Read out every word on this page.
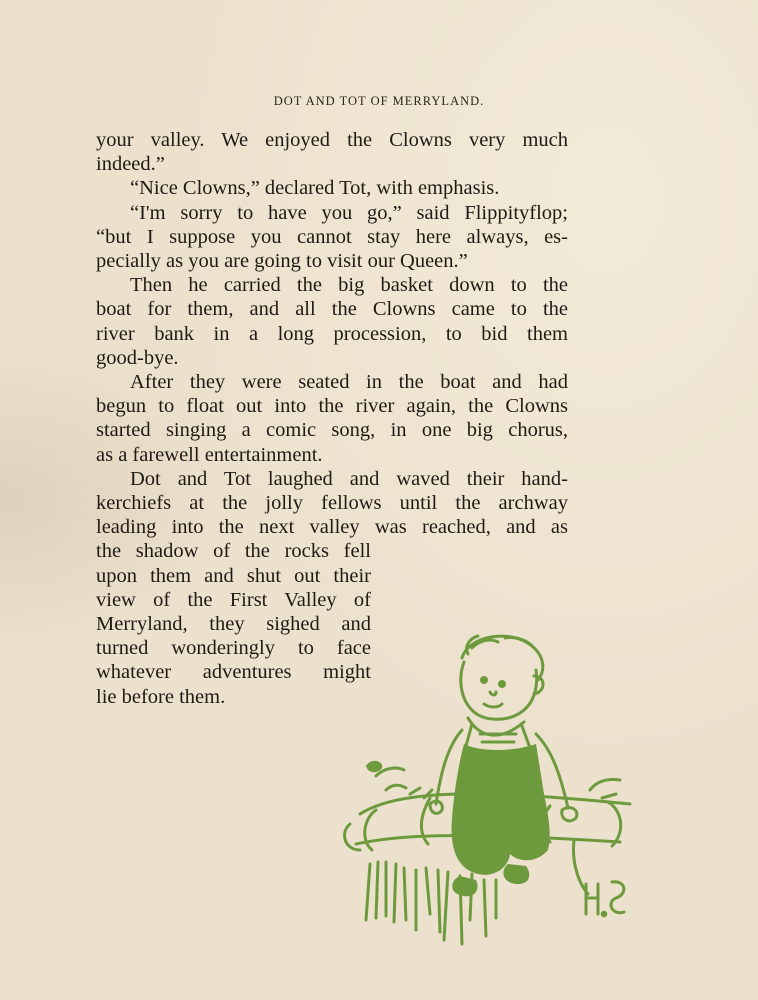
DOT AND TOT OF MERRYLAND.
your valley. We enjoyed the Clowns very much
indeed.”
“Nice Clowns,” declared Tot, with emphasis.
“I'm sorry to have you go,” said Flippityflop;
“but I suppose you cannot stay here always, es-
pecially as you are going to visit our Queen.”
Then he carried the big basket down to the
boat for them, and all the Clowns came to the
river bank in a long procession, to bid them
good-bye.
After they were seated in the boat and had
begun to float out into the river again, the Clowns
started singing a comic song, in one big chorus,
as a farewell entertainment.
Dot and Tot laughed and waved their hand-
kerchiefs at the jolly fellows until the archway
leading into the next valley was reached, and as
the shadow of the rocks fell
upon them and shut out their
view of the First Valley of
Merryland, they sighed and
turned wonderingly to face
whatever adventures might
lie before them.
